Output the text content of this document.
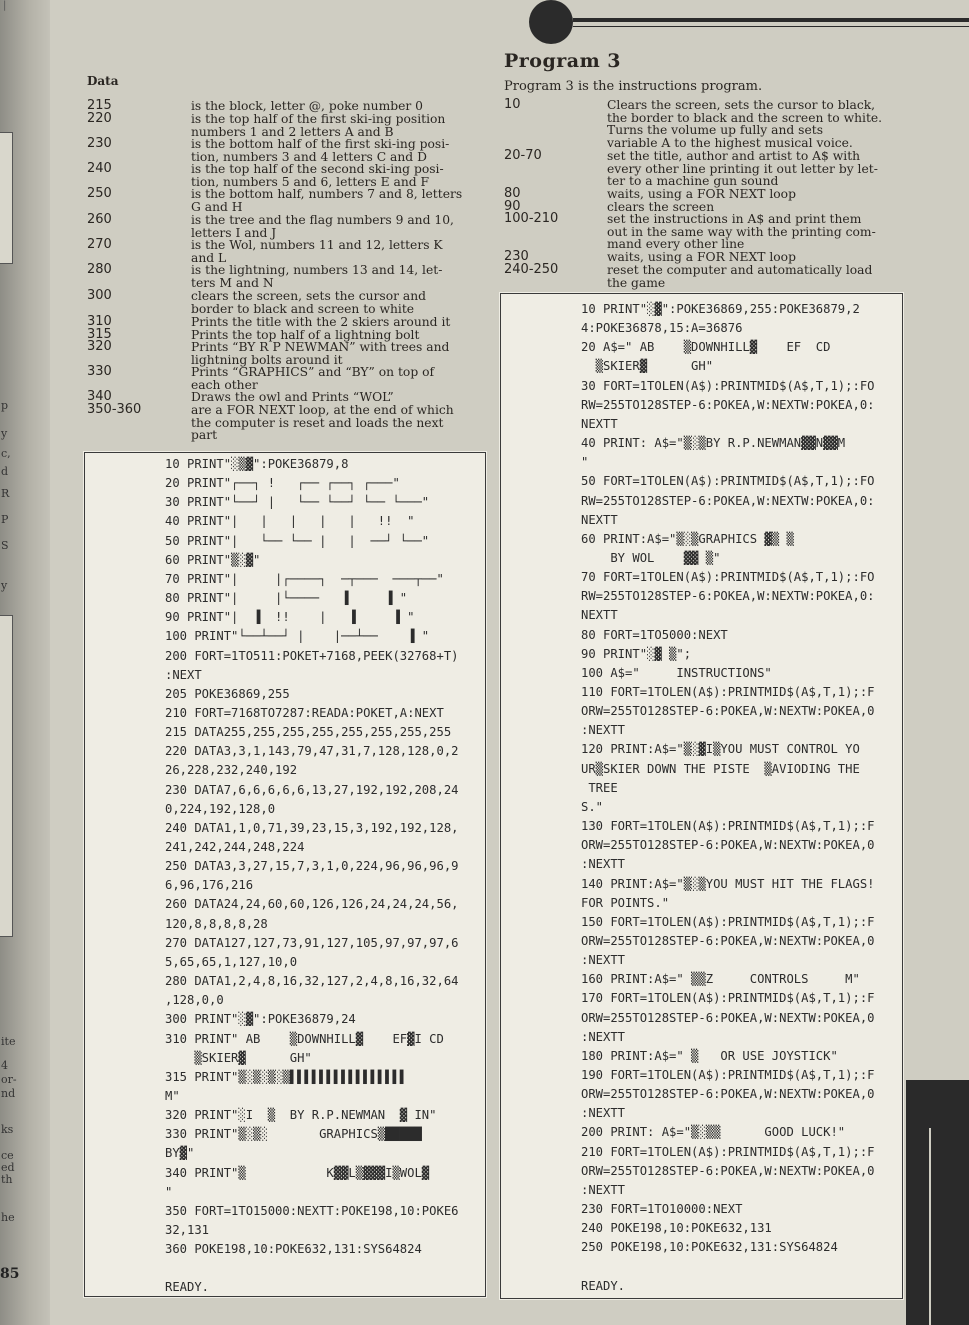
|
p
y
c,
d
R
P
S
y
ite
4
or-
nd
ks
ce
ed
th
he
85
Data
215	is the block, letter @, poke number 0
220	is the top half of the first ski-ing position
numbers 1 and 2 letters A and B
230	is the bottom half of the first ski-ing posi-
tion, numbers 3 and 4 letters C and D
240	is the top half of the second ski-ing posi-
tion, numbers 5 and 6, letters E and F
250	is the bottom half, numbers 7 and 8, letters
G and H
260	is the tree and the flag numbers 9 and 10,
letters I and J
270	is the Wol, numbers 11 and 12, letters K
and L
280	is the lightning, numbers 13 and 14, let-
ters M and N
300	clears the screen, sets the cursor and
border to black and screen to white
310	Prints the title with the 2 skiers around it
315	Prints the top half of a lightning bolt
320	Prints “BY R P NEWMAN” with trees and
lightning bolts around it
330	Prints “GRAPHICS” and “BY” on top of
each other
340	Draws the owl and Prints “WOL”
350-360	are a FOR NEXT loop, at the end of which
the computer is reset and loads the next
part
Program 3
Program 3 is the instructions program.
10	Clears the screen, sets the cursor to black,
the border to black and the screen to white.
Turns the volume up fully and sets
variable A to the highest musical voice.
20-70	set the title, author and artist to A$ with
every other line printing it out letter by let-
ter to a machine gun sound
80	waits, using a FOR NEXT loop
90	clears the screen
100-210	set the instructions in A$ and print them
out in the same way with the printing com-
mand every other line
230	waits, using a FOR NEXT loop
240-250	reset the computer and automatically load
the game
10 PRINT"░▒▓":POKE36879,8
20 PRINT"┌──┐ !   ┌── ┌──┐ ┌───"
30 PRINT"└──┘ |   └── └──┘ └── └───"
40 PRINT"|   |   |   |   |   !!  "
50 PRINT"|   └── └── |   |  ──┘ └──"
60 PRINT"▒░▓"
70 PRINT"|     |┌────┐  ─┬───  ───┬──"
80 PRINT"|     |└────   ▐     ▐ "
90 PRINT"|  ▐  !!    |   ▐     ▐ "
100 PRINT"└──┴──┘ |    |──┴──    ▐ "
200 FORT=1TO511:POKET+7168,PEEK(32768+T)
:NEXT
205 POKE36869,255
210 FORT=7168TO7287:READA:POKET,A:NEXT
215 DATA255,255,255,255,255,255,255,255
220 DATA3,3,1,143,79,47,31,7,128,128,0,2
26,228,232,240,192
230 DATA7,6,6,6,6,6,13,27,192,192,208,24
0,224,192,128,0
240 DATA1,1,0,71,39,23,15,3,192,192,128,
241,242,244,248,224
250 DATA3,3,27,15,7,3,1,0,224,96,96,96,9
6,96,176,216
260 DATA24,24,60,60,126,126,24,24,24,56,
120,8,8,8,8,28
270 DATA127,127,73,91,127,105,97,97,97,6
5,65,65,1,127,10,0
280 DATA1,2,4,8,16,32,127,2,4,8,16,32,64
,128,0,0
300 PRINT"░▓":POKE36879,24
310 PRINT" AB    ▒DOWNHILL▓    EF▓I CD
▒SKIER▓      GH"
315 PRINT"▒░▒░▒░▒▌▌▌▌▌▌▌▌▌▌▌▌▌▌▌▌
M"
320 PRINT"░I  ▒  BY R.P.NEWMAN  ▓ IN"
330 PRINT"▒░▒░       GRAPHICS▒█████
BY▓"
340 PRINT"▒           K▓▓L▒▓▓▓I▒WOL▓
"
350 FORT=1TO15000:NEXTT:POKE198,10:POKE6
32,131
360 POKE198,10:POKE632,131:SYS64824
READY.
10 PRINT"░▓":POKE36869,255:POKE36879,2
4:POKE36878,15:A=36876
20 A$=" AB    ▒DOWNHILL▓    EF  CD
▒SKIER▓      GH"
30 FORT=1TOLEN(A$):PRINTMID$(A$,T,1);:FO
RW=255TO128STEP-6:POKEA,W:NEXTW:POKEA,0:
NEXTT
40 PRINT: A$="▒░▒BY R.P.NEWMAN▓▓N▓▓M
"
50 FORT=1TOLEN(A$):PRINTMID$(A$,T,1);:FO
RW=255TO128STEP-6:POKEA,W:NEXTW:POKEA,0:
NEXTT
60 PRINT:A$="▒░▒GRAPHICS ▓▒ ▒
BY WOL    ▓▓ ▒"
70 FORT=1TOLEN(A$):PRINTMID$(A$,T,1);:FO
RW=255TO128STEP-6:POKEA,W:NEXTW:POKEA,0:
NEXTT
80 FORT=1TO5000:NEXT
90 PRINT"░▓ ▒";
100 A$="     INSTRUCTIONS"
110 FORT=1TOLEN(A$):PRINTMID$(A$,T,1);:F
ORW=255TO128STEP-6:POKEA,W:NEXTW:POKEA,0
:NEXTT
120 PRINT:A$="▒░▓I▒YOU MUST CONTROL YO
UR▒SKIER DOWN THE PISTE  ▒AVIODING THE
TREE
S."
130 FORT=1TOLEN(A$):PRINTMID$(A$,T,1);:F
ORW=255TO128STEP-6:POKEA,W:NEXTW:POKEA,0
:NEXTT
140 PRINT:A$="▒░▒YOU MUST HIT THE FLAGS!
FOR POINTS."
150 FORT=1TOLEN(A$):PRINTMID$(A$,T,1);:F
ORW=255TO128STEP-6:POKEA,W:NEXTW:POKEA,0
:NEXTT
160 PRINT:A$=" ▒▒Z     CONTROLS     M"
170 FORT=1TOLEN(A$):PRINTMID$(A$,T,1);:F
ORW=255TO128STEP-6:POKEA,W:NEXTW:POKEA,0
:NEXTT
180 PRINT:A$=" ▒   OR USE JOYSTICK"
190 FORT=1TOLEN(A$):PRINTMID$(A$,T,1);:F
ORW=255TO128STEP-6:POKEA,W:NEXTW:POKEA,0
:NEXTT
200 PRINT: A$="▒░▒▒      GOOD LUCK!"
210 FORT=1TOLEN(A$):PRINTMID$(A$,T,1);:F
ORW=255TO128STEP-6:POKEA,W:NEXTW:POKEA,0
:NEXTT
230 FORT=1TO10000:NEXT
240 POKE198,10:POKE632,131
250 POKE198,10:POKE632,131:SYS64824
READY.
